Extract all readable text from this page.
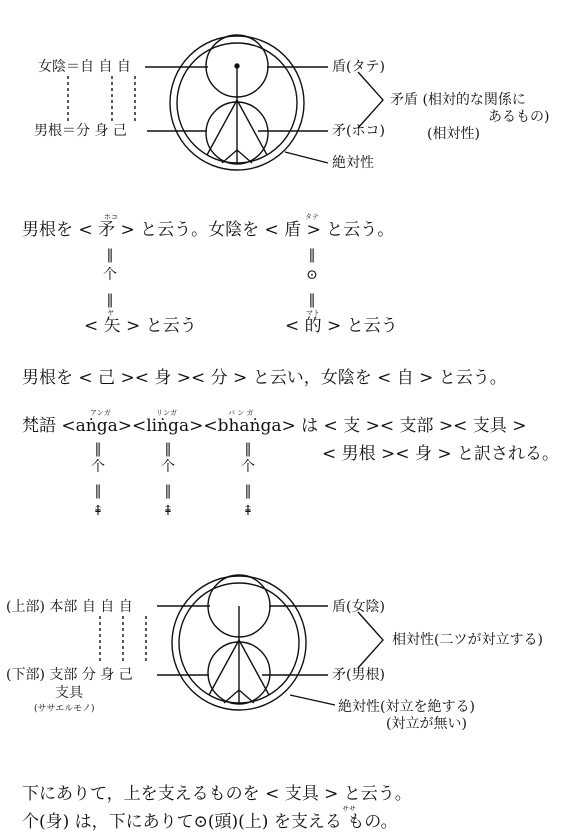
女陰＝自 自 自
男根＝分 身 己
盾(タテ)
矛(ホコ)
絶対性
矛盾 (相対的な関係に
あるもの)
(相対性)
ホコ	タテ
男根を < 矛 > と云う。女陰を < 盾 > と云う。
‖
个
‖
ヤ
‖
⊙
‖
マト
< 矢 > と云う	< 的 > と云う
男根を < 己 >< 身 >< 分 > と云い，女陰を < 自 > と云う。
アンガ	リンガ	バ ン ガ
梵語 <aṅga><liṅga><bhaṅga> は < 支 >< 支部 >< 支具 >
< 男根 >< 身 > と訳される。
‖
个
‖
⇞
‖
个
‖
⇞
‖
个
‖
⇞
(上部) 本部 自 自 自
(下部) 支部 分 身 己
支具
(ササエルモノ)
盾(女陰)
相対性(二ツが対立する)
矛(男根)
絶対性(対立を絶する)
(対立が無い)
下にありて，上を支えるものを < 支具 > と云う。
ササ
个(身) は，下にありて⊙(頭)(上) を支える もの。
